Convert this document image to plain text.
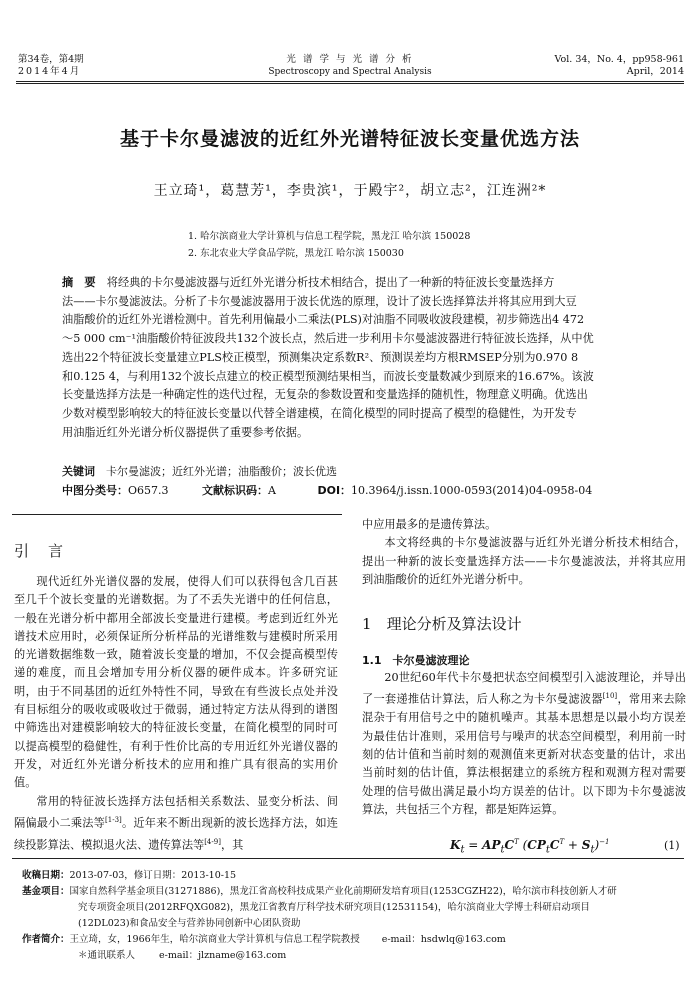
第34卷，第4期
2014年4月
光 谱 学 与 光 谱 分 析
Spectroscopy and Spectral Analysis
Vol. 34，No. 4，pp958-961
April，2014
基于卡尔曼滤波的近红外光谱特征波长变量优选方法
王立琦¹，葛慧芳¹，李贵滨¹，于殿宇²，胡立志²，江连洲²*
1. 哈尔滨商业大学计算机与信息工程学院，黑龙江 哈尔滨 150028
2. 东北农业大学食品学院，黑龙江 哈尔滨 150030
摘　要　 将经典的卡尔曼滤波器与近红外光谱分析技术相结合，提出了一种新的特征波长变量选择方
法——卡尔曼滤波法。分析了卡尔曼滤波器用于波长优选的原理，设计了波长选择算法并将其应用到大豆
油脂酸价的近红外光谱检测中。首先利用偏最小二乘法(PLS)对油脂不同吸收波段建模，初步筛选出4 472
～5 000 cm⁻¹油脂酸价特征波段共132个波长点，然后进一步利用卡尔曼滤波器进行特征波长选择，从中优
选出22个特征波长变量建立PLS校正模型，预测集决定系数R²、预测误差均方根RMSEP分别为0.970 8
和0.125 4，与利用132个波长点建立的校正模型预测结果相当，而波长变量数减少到原来的16.67%。该波
长变量选择方法是一种确定性的迭代过程，无复杂的参数设置和变量选择的随机性，物理意义明确。优选出
少数对模型影响较大的特征波长变量以代替全谱建模，在简化模型的同时提高了模型的稳健性，为开发专
用油脂近红外光谱分析仪器提供了重要参考依据。
关键词　 卡尔曼滤波；近红外光谱；油脂酸价；波长优选
中图分类号：O657.3	文献标识码：A	DOI：10.3964/j.issn.1000-0593(2014)04-0958-04
引　言

现代近红外光谱仪器的发展，使得人们可以获得包含几百甚至几千个波长变量的光谱数据。为了不丢失光谱中的任何信息，一般在光谱分析中都用全部波长变量进行建模。考虑到近红外光谱技术应用时，必须保证所分析样品的光谱维数与建模时所采用的光谱数据维数一致，随着波长变量的增加，不仅会提高模型传递的难度，而且会增加专用分析仪器的硬件成本。许多研究证明，由于不同基团的近红外特性不同，导致在有些波长点处并没有目标组分的吸收或吸收过于微弱，通过特定方法从得到的谱图中筛选出对建模影响较大的特征波长变量，在简化模型的同时可以提高模型的稳健性，有利于性价比高的专用近红外光谱仪器的开发，对近红外光谱分析技术的应用和推广具有很高的实用价值。

常用的特征波长选择方法包括相关系数法、显变分析法、间隔偏最小二乘法等[1-3]。近年来不断出现新的波长选择方法，如连续投影算法、模拟退火法、遗传算法等[4-9]，其

中应用最多的是遗传算法。

本文将经典的卡尔曼滤波器与近红外光谱分析技术相结合，提出一种新的波长变量选择方法——卡尔曼滤波法，并将其应用到油脂酸价的近红外光谱分析中。

1　 理论分析及算法设计
1.1　 卡尔曼滤波理论

20世纪60年代卡尔曼把状态空间模型引入滤波理论，并导出了一套递推估计算法，后人称之为卡尔曼滤波器[10]，常用来去除混杂于有用信号之中的随机噪声。其基本思想是以最小均方误差为最佳估计准则，采用信号与噪声的状态空间模型，利用前一时刻的估计值和当前时刻的观测值来更新对状态变量的估计，求出当前时刻的估计值，算法根据建立的系统方程和观测方程对需要处理的信号做出满足最小均方误差的估计。以下即为卡尔曼滤波算法，共包括三个方程，都是矩阵运算。

$K_t = AP_tC^T$ $(CP_tC^T + S_t)^{-1}$	(1)
收稿日期：2013-07-03，修订日期：2013-10-15
基金项目：国家自然科学基金项目(31271886)，黑龙江省高校科技成果产业化前期研发培育项目(1253CGZH22)，哈尔滨市科技创新人才研
究专项资金项目(2012RFQXG082)，黑龙江省教育厅科学技术研究项目(12531154)，哈尔滨商业大学博士科研启动项目
(12DL023)和食品安全与营养协同创新中心团队资助
作者简介：王立琦，女，1966年生，哈尔滨商业大学计算机与信息工程学院教授 e-mail：hsdwlq@163.com
＊通讯联系人	e-mail：jlzname@163.com
